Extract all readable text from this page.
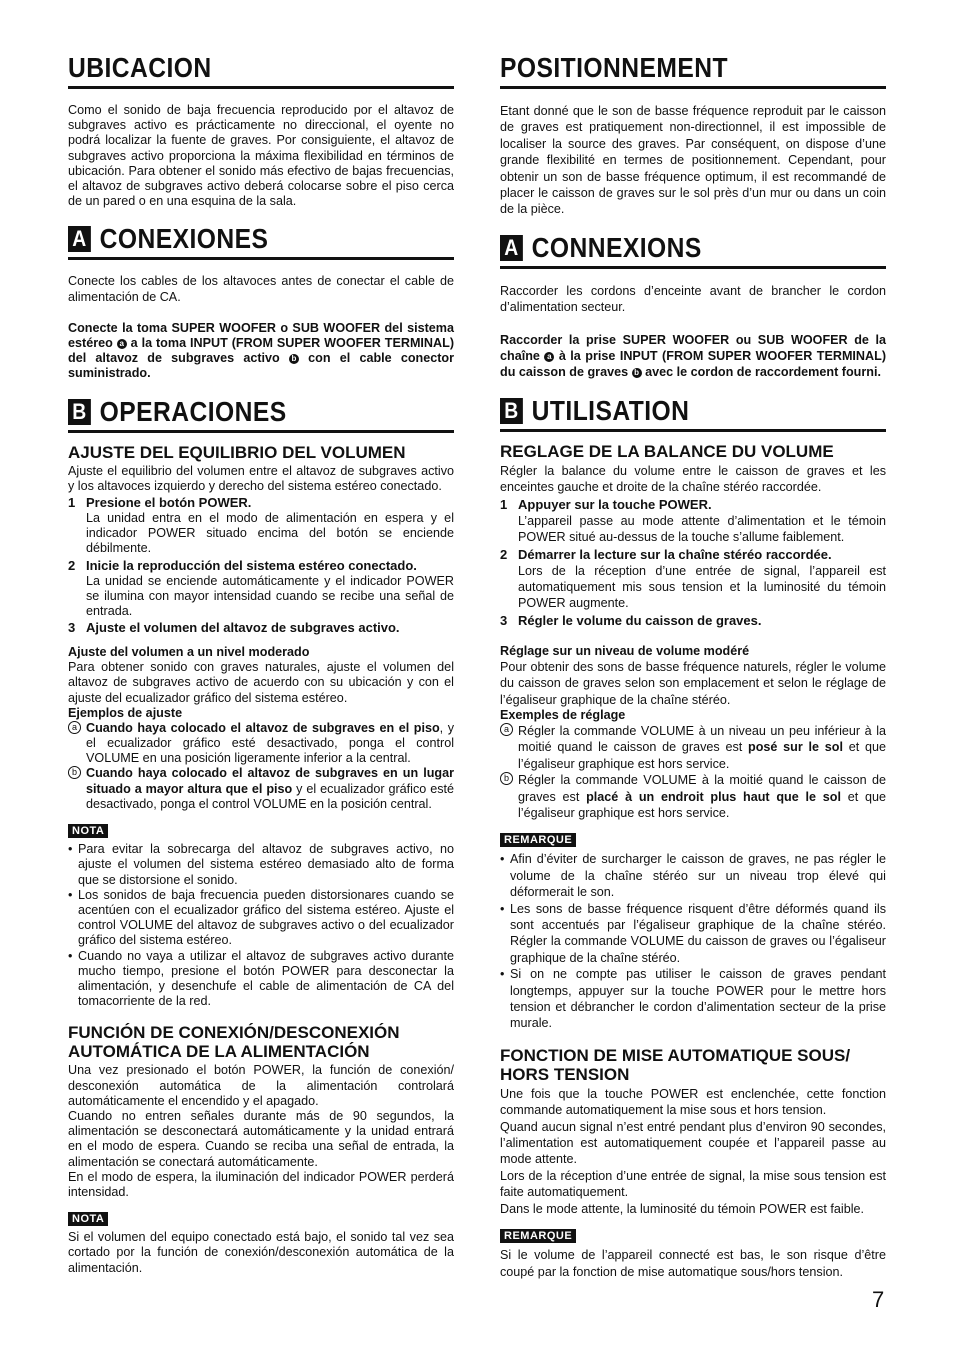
UBICACION

Como el sonido de baja frecuencia reproducido por el altavoz de subgraves activo es prácticamente no direccional, el oyente no podrá localizar la fuente de graves. Por consiguiente, el altavoz de subgraves activo proporciona la máxima flexibilidad en términos de ubicación. Para obtener el sonido más efectivo de bajas frecuencias, el altavoz de subgraves activo deberá colocarse sobre el piso cerca de un pared o en una esquina de la sala.

A CONEXIONES

Conecte los cables de los altavoces antes de conectar el cable de alimentación de CA.

Conecte la toma SUPER WOOFER o SUB WOOFER del sistema estéreo a a la toma INPUT (FROM SUPER WOOFER TERMINAL) del altavoz de subgraves activo b con el cable conector suministrado.

B OPERACIONES
AJUSTE DEL EQUILIBRIO DEL VOLUMEN

Ajuste el equilibrio del volumen entre el altavoz de subgraves activo y los altavoces izquierdo y derecho del sistema estéreo conectado.

1 Presione el botón POWER.

La unidad entra en el modo de alimentación en espera y el indicador POWER situado encima del botón se enciende débilmente.

2 Inicie la reproducción del sistema estéreo conectado.

La unidad se enciende automáticamente y el indicador POWER se ilumina con mayor intensidad cuando se recibe una señal de entrada.

3 Ajuste el volumen del altavoz de subgraves activo.
Ajuste del volumen a un nivel moderado

Para obtener sonido con graves naturales, ajuste el volumen del altavoz de subgraves activo de acuerdo con su ubicación y con el ajuste del ecualizador gráfico del sistema estéreo.

Ejemplos de ajuste

a Cuando haya colocado el altavoz de subgraves en el piso, y el ecualizador gráfico esté desactivado, ponga el control VOLUME en una posición ligeramente inferior a la central.

b Cuando haya colocado el altavoz de subgraves en un lugar situado a mayor altura que el piso y el ecualizador gráfico esté desactivado, ponga el control VOLUME en la posición central.

NOTA

• Para evitar la sobrecarga del altavoz de subgraves activo, no ajuste el volumen del sistema estéreo demasiado alto de forma que se distorsione el sonido.

• Los sonidos de baja frecuencia pueden distorsionares cuando se acentúen con el ecualizador gráfico del sistema estéreo. Ajuste el control VOLUME del altavoz de subgraves activo o del ecualizador gráfico del sistema estéreo.

• Cuando no vaya a utilizar el altavoz de subgraves activo durante mucho tiempo, presione el botón POWER para desconectar la alimentación, y desenchufe el cable de alimentación de CA del tomacorriente de la red.

FUNCIÓN DE CONEXIÓN/DESCONEXIÓN AUTOMÁTICA DE LA ALIMENTACIÓN

Una vez presionado el botón POWER, la función de conexión/ desconexión automática de la alimentación controlará automáticamente el encendido y el apagado.

Cuando no entren señales durante más de 90 segundos, la alimentación se desconectará automáticamente y la unidad entrará en el modo de espera. Cuando se reciba una señal de entrada, la alimentación se conectará automáticamente.

En el modo de espera, la iluminación del indicador POWER perderá intensidad.

NOTA

Si el volumen del equipo conectado está bajo, el sonido tal vez sea cortado por la función de conexión/desconexión automática de la alimentación.

POSITIONNEMENT

Etant donné que le son de basse fréquence reproduit par le caisson de graves est pratiquement non-directionnel, il est impossible de localiser la source des graves. Par conséquent, on dispose d’une grande flexibilité en termes de positionnement. Cependant, pour obtenir un son de basse fréquence optimum, il est recommandé de placer le caisson de graves sur le sol près d’un mur ou dans un coin de la pièce.

A CONNEXIONS

Raccorder les cordons d’enceinte avant de brancher le cordon d’alimentation secteur.

Raccorder la prise SUPER WOOFER ou SUB WOOFER de la chaîne a à la prise INPUT (FROM SUPER WOOFER TERMINAL) du caisson de graves b avec le cordon de raccordement fourni.

B UTILISATION
REGLAGE DE LA BALANCE DU VOLUME

Régler la balance du volume entre le caisson de graves et les enceintes gauche et droite de la chaîne stéréo raccordée.

1 Appuyer sur la touche POWER.

L’appareil passe au mode attente d’alimentation et le témoin POWER situé au-dessus de la touche s’allume faiblement.

2 Démarrer la lecture sur la chaîne stéréo raccordée.

Lors de la réception d’une entrée de signal, l’appareil est automatiquement mis sous tension et la luminosité du témoin POWER augmente.

3 Régler le volume du caisson de graves.
Réglage sur un niveau de volume modéré

Pour obtenir des sons de basse fréquence naturels, régler le volume du caisson de graves selon son emplacement et selon le réglage de l’égaliseur graphique de la chaîne stéréo.

Exemples de réglage

a Régler la commande VOLUME à un niveau un peu inférieur à la moitié quand le caisson de graves est posé sur le sol et que l’égaliseur graphique est hors service.

b Régler la commande VOLUME à la moitié quand le caisson de graves est placé à un endroit plus haut que le sol et que l’égaliseur graphique est hors service.

REMARQUE

• Afin d’éviter de surcharger le caisson de graves, ne pas régler le volume de la chaîne stéréo sur un niveau trop élevé qui déformerait le son.

• Les sons de basse fréquence risquent d’être déformés quand ils sont accentués par l’égaliseur graphique de la chaîne stéréo. Régler la commande VOLUME du caisson de graves ou l’égaliseur graphique de la chaîne stéréo.

• Si on ne compte pas utiliser le caisson de graves pendant longtemps, appuyer sur la touche POWER pour le mettre hors tension et débrancher le cordon d’alimentation secteur de la prise murale.

FONCTION DE MISE AUTOMATIQUE SOUS/ HORS TENSION

Une fois que la touche POWER est enclenchée, cette fonction commande automatiquement la mise sous et hors tension.

Quand aucun signal n’est entré pendant plus d’environ 90 secondes, l’alimentation est automatiquement coupée et l’appareil passe au mode attente.

Lors de la réception d’une entrée de signal, la mise sous tension est faite automatiquement.

Dans le mode attente, la luminosité du témoin POWER est faible.

REMARQUE

Si le volume de l’appareil connecté est bas, le son risque d’être coupé par la fonction de mise automatique sous/hors tension.

7
